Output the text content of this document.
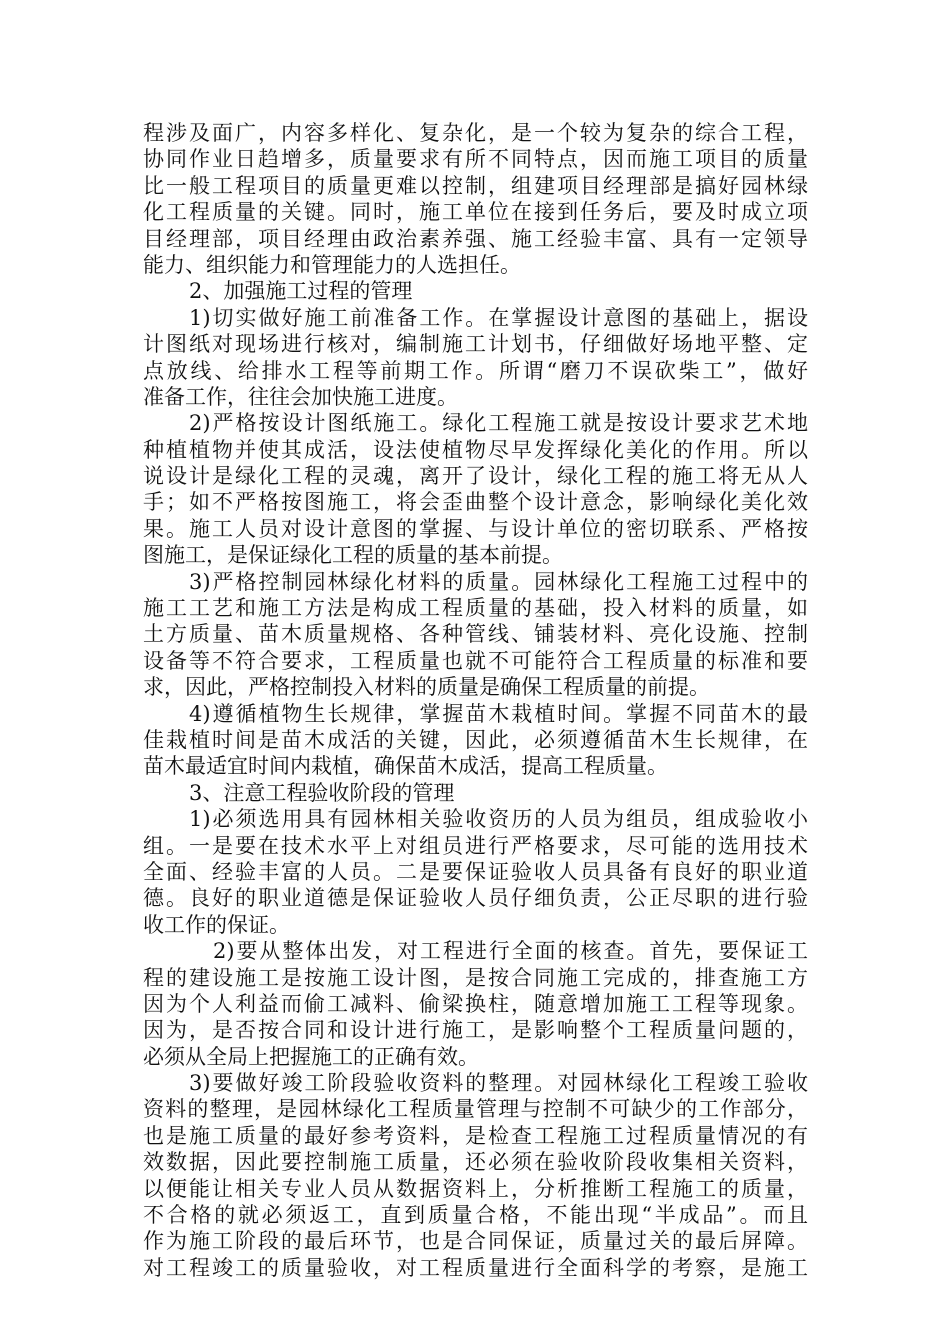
程涉及面广，内容多样化、复杂化，是一个较为复杂的综合工程，
协同作业日趋增多，质量要求有所不同特点，因而施工项目的质量
比一般工程项目的质量更难以控制，组建项目经理部是搞好园林绿
化工程质量的关键。同时，施工单位在接到任务后，要及时成立项
目经理部，项目经理由政治素养强、施工经验丰富、具有一定领导
能力、组织能力和管理能力的人选担任。
2、加强施工过程的管理
1)切实做好施工前准备工作。在掌握设计意图的基础上，据设
计图纸对现场进行核对，编制施工计划书，仔细做好场地平整、定
点放线、给排水工程等前期工作。所谓“磨刀不误砍柴工”，做好
准备工作，往往会加快施工进度。
2)严格按设计图纸施工。绿化工程施工就是按设计要求艺术地
种植植物并使其成活，设法使植物尽早发挥绿化美化的作用。所以
说设计是绿化工程的灵魂，离开了设计，绿化工程的施工将无从人
手；如不严格按图施工，将会歪曲整个设计意念，影响绿化美化效
果。施工人员对设计意图的掌握、与设计单位的密切联系、严格按
图施工，是保证绿化工程的质量的基本前提。
3)严格控制园林绿化材料的质量。园林绿化工程施工过程中的
施工工艺和施工方法是构成工程质量的基础，投入材料的质量，如
土方质量、苗木质量规格、各种管线、铺装材料、亮化设施、控制
设备等不符合要求，工程质量也就不可能符合工程质量的标准和要
求，因此，严格控制投入材料的质量是确保工程质量的前提。
4)遵循植物生长规律，掌握苗木栽植时间。掌握不同苗木的最
佳栽植时间是苗木成活的关键，因此，必须遵循苗木生长规律，在
苗木最适宜时间内栽植，确保苗木成活，提高工程质量。
3、注意工程验收阶段的管理
1)必须选用具有园林相关验收资历的人员为组员，组成验收小
组。一是要在技术水平上对组员进行严格要求，尽可能的选用技术
全面、经验丰富的人员。二是要保证验收人员具备有良好的职业道
德。良好的职业道德是保证验收人员仔细负责，公正尽职的进行验
收工作的保证。
2)要从整体出发，对工程进行全面的核查。首先，要保证工
程的建设施工是按施工设计图，是按合同施工完成的，排查施工方
因为个人利益而偷工减料、偷梁换柱，随意增加施工工程等现象。
因为，是否按合同和设计进行施工，是影响整个工程质量问题的，
必须从全局上把握施工的正确有效。
3)要做好竣工阶段验收资料的整理。对园林绿化工程竣工验收
资料的整理，是园林绿化工程质量管理与控制不可缺少的工作部分，
也是施工质量的最好参考资料，是检查工程施工过程质量情况的有
效数据，因此要控制施工质量，还必须在验收阶段收集相关资料，
以便能让相关专业人员从数据资料上，分析推断工程施工的质量，
不合格的就必须返工，直到质量合格，不能出现“半成品”。而且
作为施工阶段的最后环节，也是合同保证，质量过关的最后屏障。
对工程竣工的质量验收，对工程质量进行全面科学的考察，是施工
